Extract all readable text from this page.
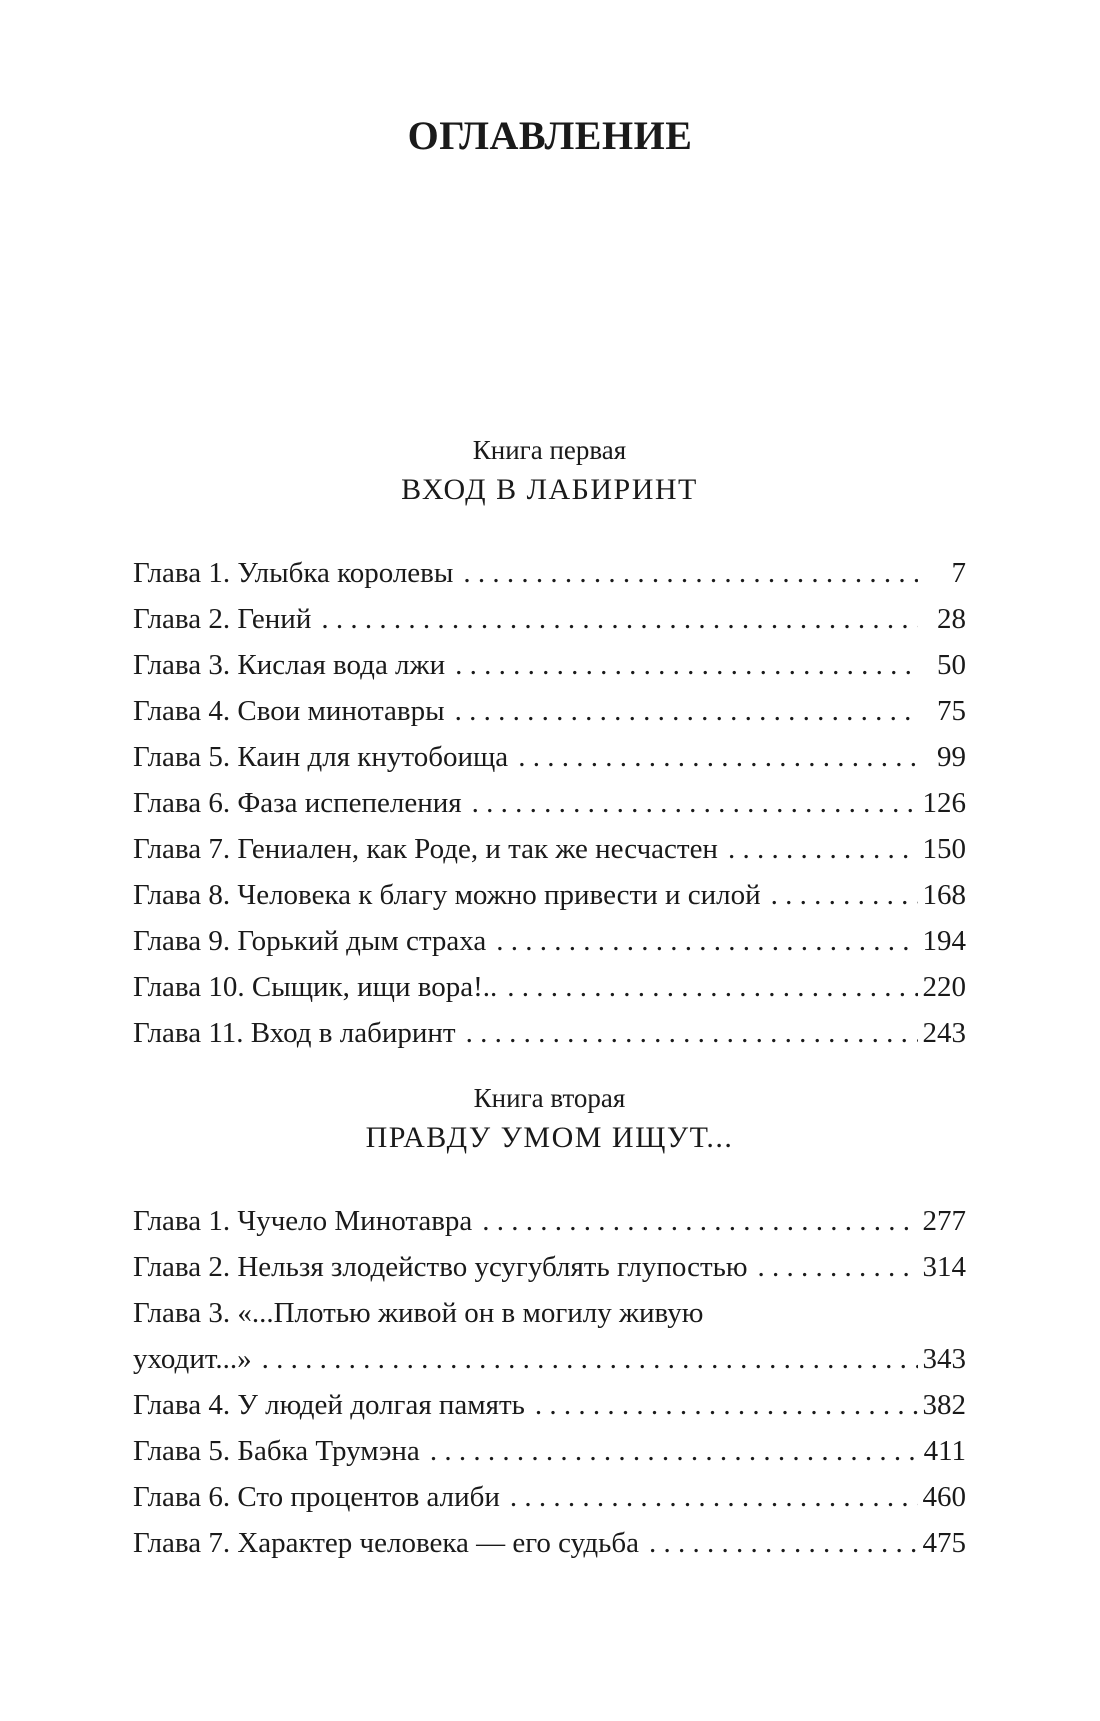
ОГЛАВЛЕНИЕ
Книга первая
ВХОД В ЛАБИРИНТ
Глава 1. Улыбка королевы . . .	7
Глава 2. Гений . . .	28
Глава 3. Кислая вода лжи . . .	50
Глава 4. Свои минотавры . . .	75
Глава 5. Каин для кнутобоища . . .	99
Глава 6. Фаза испепеления . . .	126
Глава 7. Гениален, как Роде, и так же несчастен . . .	150
Глава 8. Человека к благу можно привести и силой . . .	168
Глава 9. Горький дым страха . . .	194
Глава 10. Сыщик, ищи вора!.. . . .	220
Глава 11. Вход в лабиринт . . .	243
Книга вторая
ПРАВДУ УМОМ ИЩУТ...
Глава 1. Чучело Минотавра . . .	277
Глава 2. Нельзя злодейство усугублять глупостью . . .	314
Глава 3. «...Плотью живой он в могилу живую
уходит...» . . .	343
Глава 4. У людей долгая память . . .	382
Глава 5. Бабка Трумэна . . .	411
Глава 6. Сто процентов алиби . . .	460
Глава 7. Характер человека — его судьба . . .	475
